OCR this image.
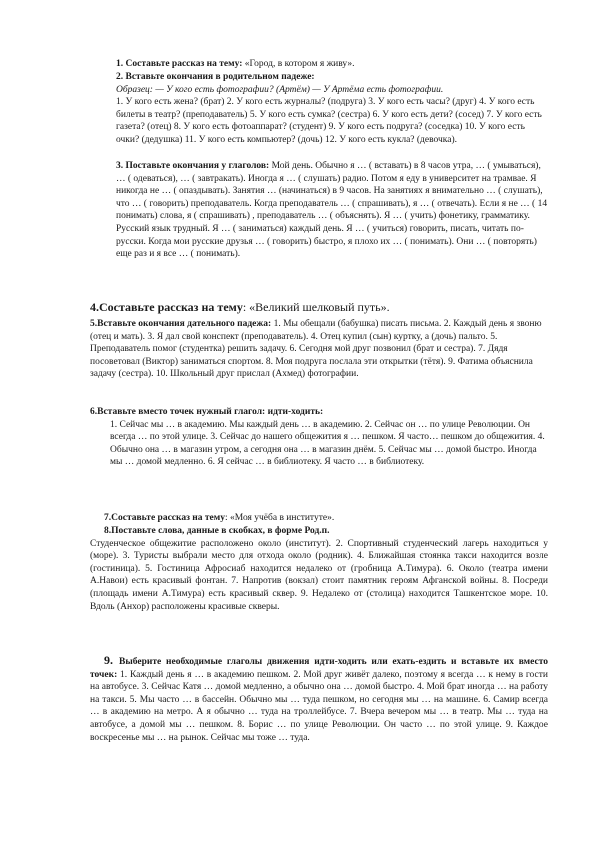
1. Составьте рассказ на тему: «Город, в котором я живу».

2. Вставьте окончания в родительном падеже:

Образец: — У кого есть фотографии? (Артём) — У Артёма есть фотографии.

1. У кого есть жена? (брат) 2. У кого есть журналы? (подруга) 3. У кого есть часы? (друг) 4. У кого есть билеты в театр? (преподаватель) 5. У кого есть сумка? (сестра) 6. У кого есть дети? (сосед) 7. У кого есть газета? (отец) 8. У кого есть фотоаппарат? (студент) 9. У кого есть подруга? (соседка) 10. У кого есть очки? (дедушка) 11. У кого есть компьютер? (дочь) 12. У кого есть кукла? (девочка).

3. Поставьте окончания у глаголов: Мой день. Обычно я … ( вставать) в 8 часов утра, … ( умываться), … ( одеваться), … ( завтракать). Иногда я … ( слушать) радио. Потом я еду в университет на трамвае. Я никогда не … ( опаздывать). Занятия … (начинаться) в 9 часов. На занятиях я внимательно … ( слушать), что … ( говорить) преподаватель. Когда преподаватель … ( спрашивать), я … ( отвечать). Если я не … ( 14 понимать) слова, я ( спрашивать) , преподаватель … ( объяснять). Я … ( учить) фонетику, грамматику. Русский язык трудный. Я … ( заниматься) каждый день. Я … ( учиться) говорить, писать, читать по-русски. Когда мои русские друзья … ( говорить) быстро, я плохо их … ( понимать). Они … ( повторять) еще раз и я все … ( понимать).

4.Составьте рассказ на тему: «Великий шелковый путь».

5.Вставьте окончания дательного падежа: 1. Мы обещали (бабушка) писать письма. 2. Каждый день я звоню (отец и мать). 3. Я дал свой конспект (преподаватель). 4. Отец купил (сын) куртку, а (дочь) пальто. 5. Преподаватель помог (студентка) решить задачу. 6. Сегодня мой друг позвонил (брат и сестра). 7. Дядя посоветовал (Виктор) заниматься спортом. 8. Моя подруга послала эти открытки (тётя). 9. Фатима объяснила задачу (сестра). 10. Школьный друг прислал (Ахмед) фотографии.

6.Вставьте вместо точек нужный глагол: идти-ходить:

1. Сейчас мы … в академию. Мы каждый день … в академию. 2. Сейчас он … по улице Революции. Он всегда … по этой улице. 3. Сейчас до нашего общежития я … пешком. Я часто… пешком до общежития. 4. Обычно она … в магазин утром, а сегодня она … в магазин днём. 5. Сейчас мы … домой быстро. Иногда мы … домой медленно. 6. Я сейчас … в библиотеку. Я часто … в библиотеку.

7.Составьте рассказ на тему: «Моя учёба в институте».

8.Поставьте слова, данные в скобках, в форме Род.п.

Студенческое общежитие расположено около (институт). 2. Спортивный студенческий лагерь находиться у (море). 3. Туристы выбрали место для отхода около (родник). 4. Ближайшая стоянка такси находится возле (гостиница). 5. Гостиница Афросиаб находится недалеко от (гробница А.Тимура). 6. Около (театра имени А.Навои) есть красивый фонтан. 7. Напротив (вокзал) стоит памятник героям Афганской войны. 8. Посреди (площадь имени А.Тимура) есть красивый сквер. 9. Недалеко от (столица) находится Ташкентское море. 10. Вдоль (Анхор) расположены красивые скверы.

9. Выберите необходимые глаголы движения идти-ходить или ехать-ездить и вставьте их вместо точек: 1. Каждый день я … в академию пешком. 2. Мой друг живёт далеко, поэтому я всегда … к нему в гости на автобусе. 3. Сейчас Катя … домой медленно, а обычно она … домой быстро. 4. Мой брат иногда … на работу на такси. 5. Мы часто … в бассейн. Обычно мы … туда пешком, но сегодня мы … на машине. 6. Самир всегда … в академию на метро. А я обычно … туда на троллейбусе. 7. Вчера вечером мы … в театр. Мы … туда на автобусе, а домой мы … пешком. 8. Борис … по улице Революции. Он часто … по этой улице. 9. Каждое воскресенье мы … на рынок. Сейчас мы тоже … туда.
